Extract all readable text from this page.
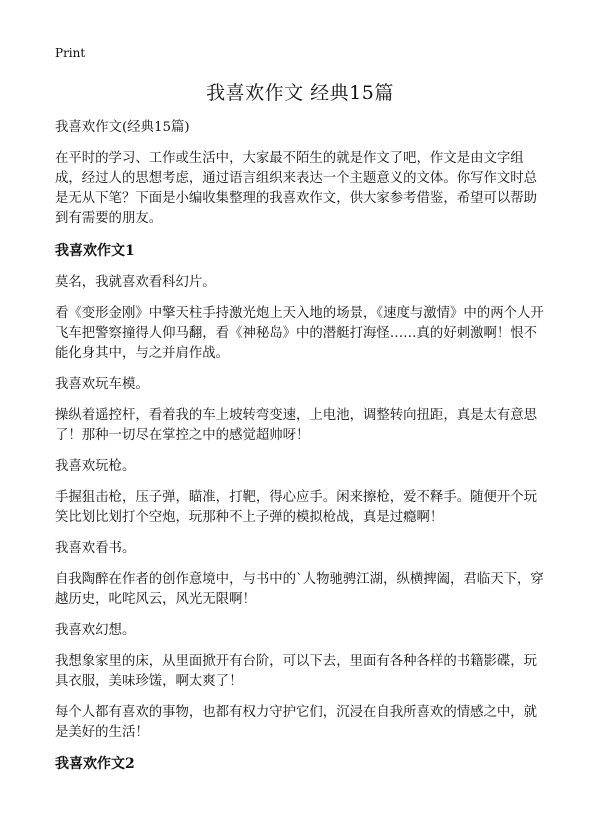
Print
我喜欢作文 经典15篇

我喜欢作文(经典15篇)

在平时的学习、工作或生活中，大家最不陌生的就是作文了吧，作文是由文字组成，经过人的思想考虑，通过语言组织来表达一个主题意义的文体。你写作文时总是无从下笔？下面是小编收集整理的我喜欢作文，供大家参考借鉴，希望可以帮助到有需要的朋友。

我喜欢作文1

莫名，我就喜欢看科幻片。

看《变形金刚》中擎天柱手持激光炮上天入地的场景，《速度与激情》中的两个人开飞车把警察撞得人仰马翻，看《神秘岛》中的潜艇打海怪……真的好刺激啊！恨不能化身其中，与之并肩作战。

我喜欢玩车模。

操纵着遥控杆，看着我的车上坡转弯变速，上电池，调整转向扭距，真是太有意思了！那种一切尽在掌控之中的感觉超帅呀！

我喜欢玩枪。

手握狙击枪，压子弹，瞄准，打靶，得心应手。闲来擦枪，爱不释手。随便开个玩笑比划比划打个空炮，玩那种不上子弹的模拟枪战，真是过瘾啊！

我喜欢看书。

自我陶醉在作者的创作意境中，与书中的`人物驰骋江湖，纵横捭阖，君临天下，穿越历史，叱咤风云，风光无限啊！

我喜欢幻想。

我想象家里的床，从里面掀开有台阶，可以下去，里面有各种各样的书籍影碟，玩具衣服，美味珍馐，啊太爽了！

每个人都有喜欢的事物，也都有权力守护它们，沉浸在自我所喜欢的情感之中，就是美好的生活！

我喜欢作文2
